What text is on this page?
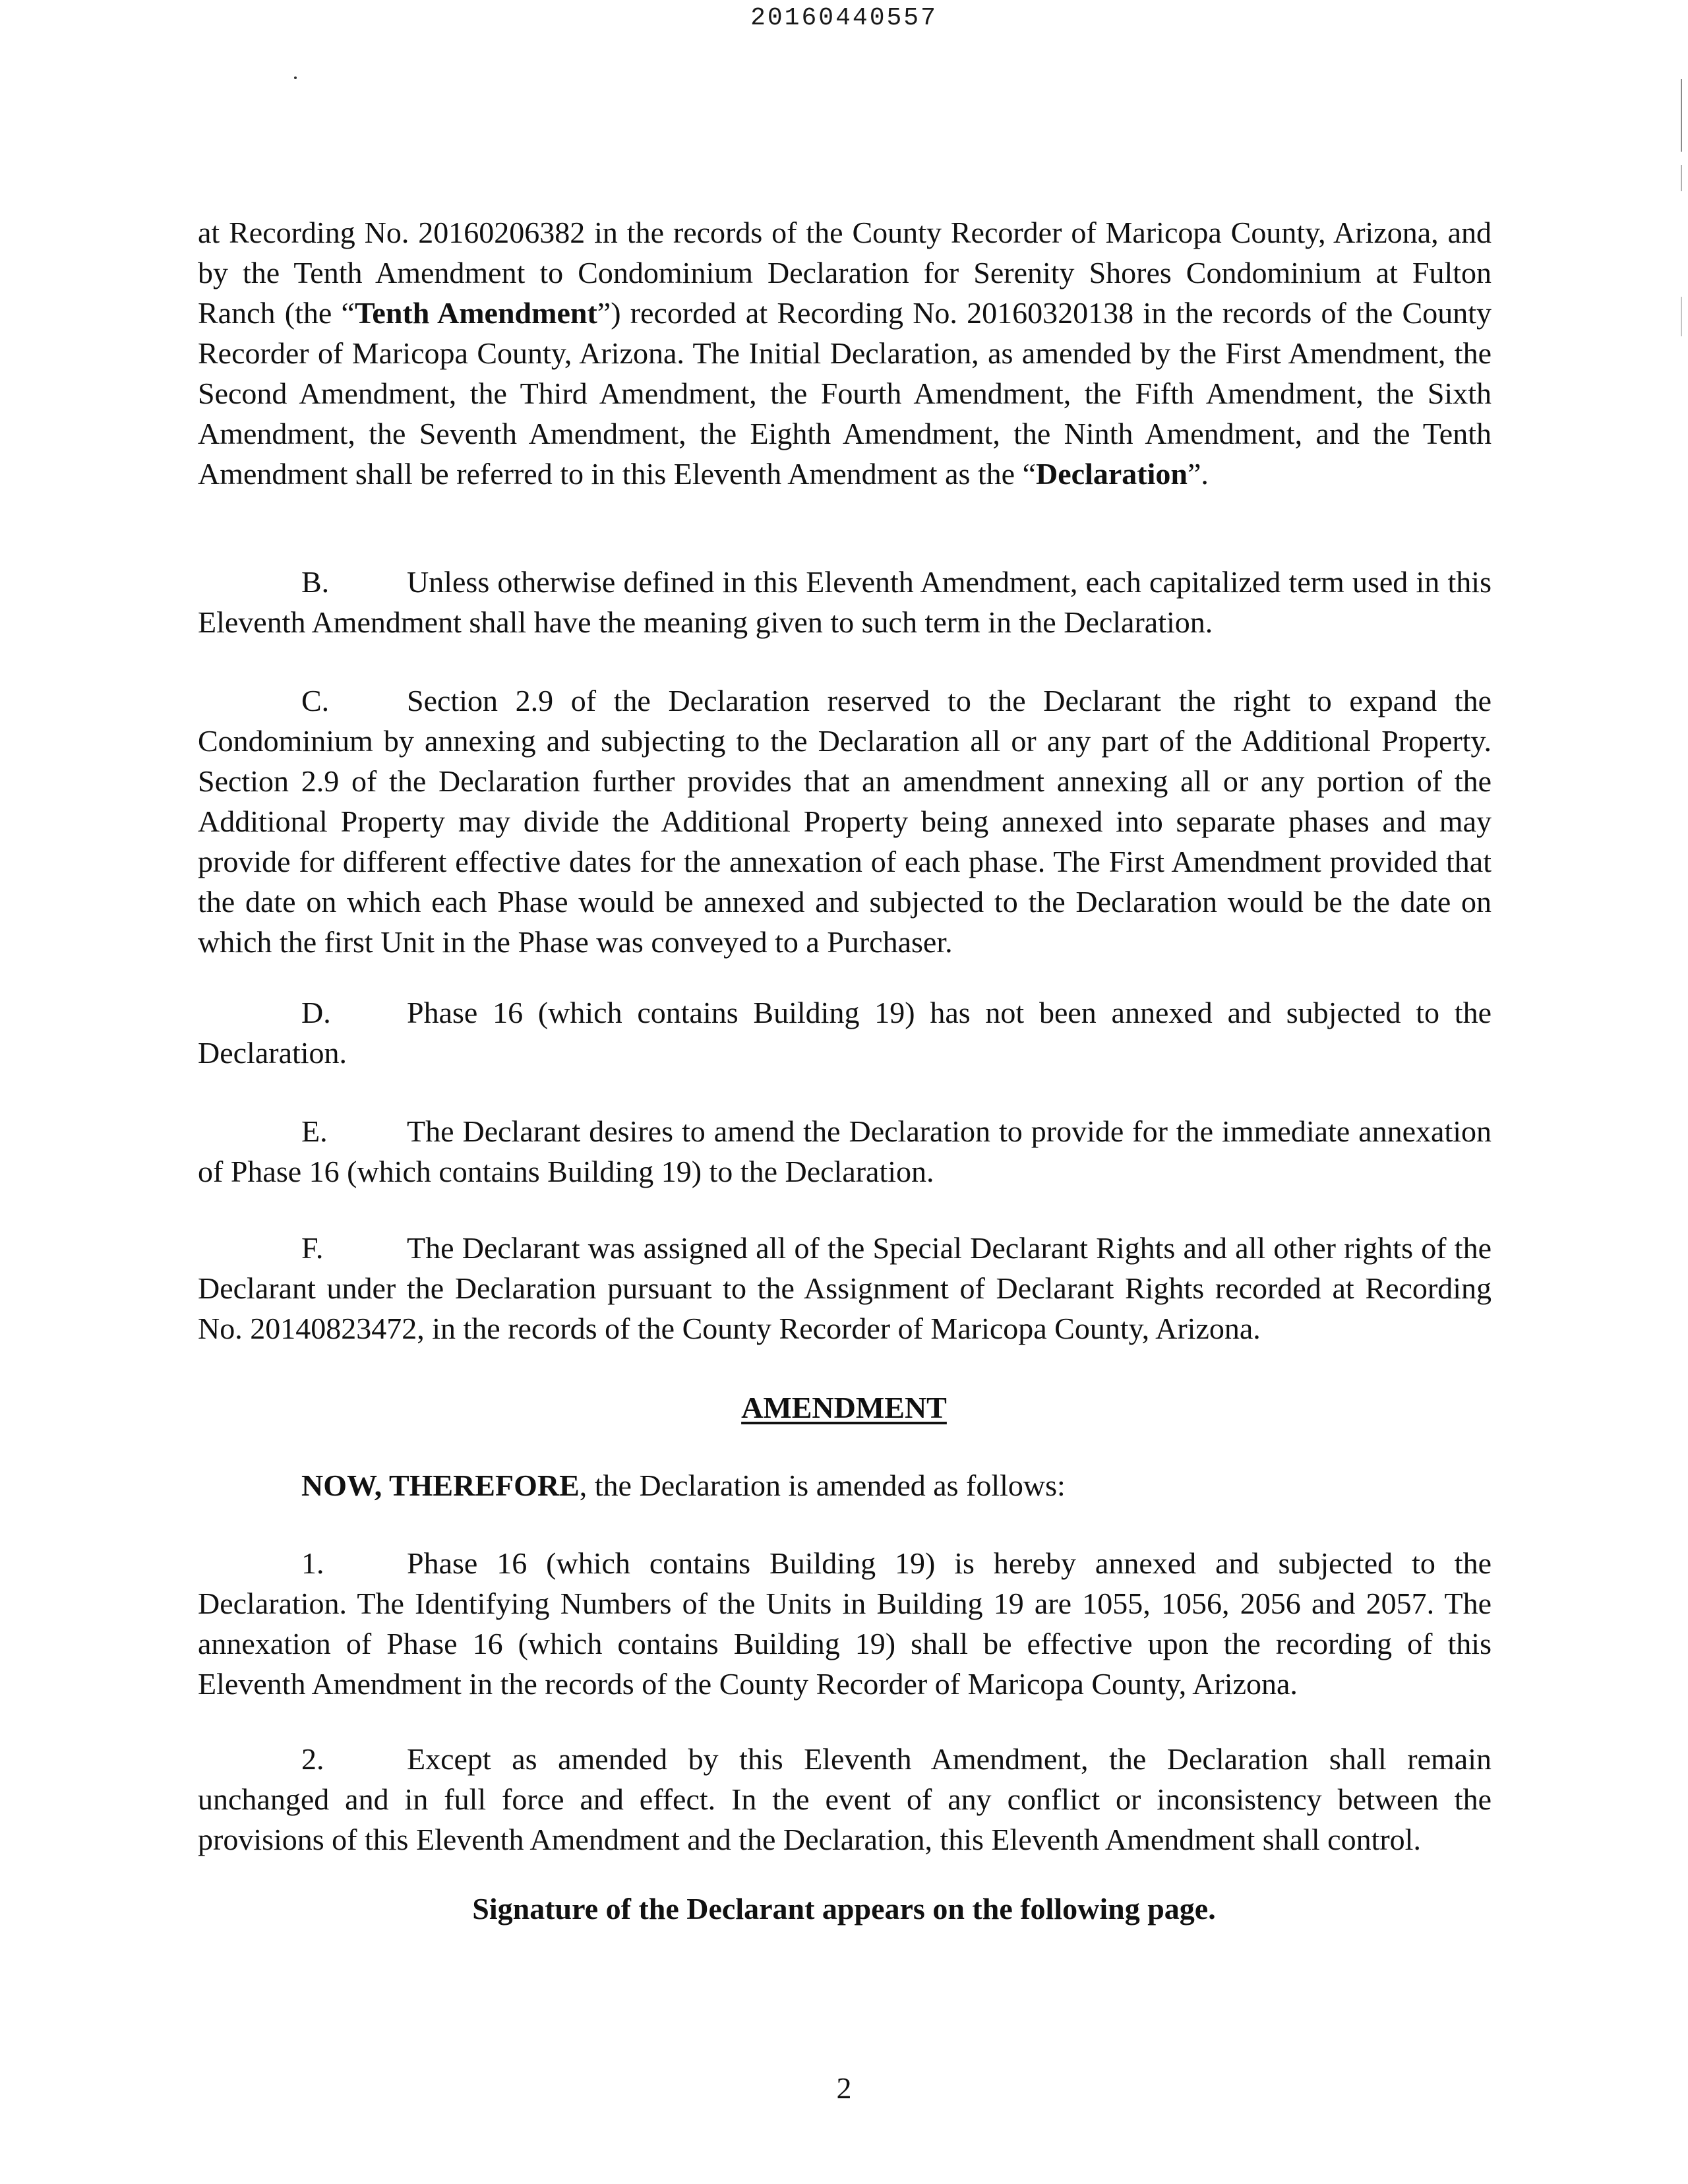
20160440557

at Recording No. 20160206382 in the records of the County Recorder of Maricopa County, Arizona, and by the Tenth Amendment to Condominium Declaration for Serenity Shores Condominium at Fulton Ranch (the “Tenth Amendment”) recorded at Recording No. 20160320138 in the records of the County Recorder of Maricopa County, Arizona. The Initial Declaration, as amended by the First Amendment, the Second Amendment, the Third Amendment, the Fourth Amendment, the Fifth Amendment, the Sixth Amendment, the Seventh Amendment, the Eighth Amendment, the Ninth Amendment, and the Tenth Amendment shall be referred to in this Eleventh Amendment as the “Declaration”.

B.	Unless otherwise defined in this Eleventh Amendment, each capitalized term used in this Eleventh Amendment shall have the meaning given to such term in the Declaration.

C.	Section 2.9 of the Declaration reserved to the Declarant the right to expand the Condominium by annexing and subjecting to the Declaration all or any part of the Additional Property. Section 2.9 of the Declaration further provides that an amendment annexing all or any portion of the Additional Property may divide the Additional Property being annexed into separate phases and may provide for different effective dates for the annexation of each phase. The First Amendment provided that the date on which each Phase would be annexed and subjected to the Declaration would be the date on which the first Unit in the Phase was conveyed to a Purchaser.

D.	Phase 16 (which contains Building 19) has not been annexed and subjected to the Declaration.

E.	The Declarant desires to amend the Declaration to provide for the immediate annexation of Phase 16 (which contains Building 19) to the Declaration.

F.	The Declarant was assigned all of the Special Declarant Rights and all other rights of the Declarant under the Declaration pursuant to the Assignment of Declarant Rights recorded at Recording No. 20140823472, in the records of the County Recorder of Maricopa County, Arizona.

AMENDMENT
NOW, THEREFORE, the Declaration is amended as follows:

1.	Phase 16 (which contains Building 19) is hereby annexed and subjected to the Declaration. The Identifying Numbers of the Units in Building 19 are 1055, 1056, 2056 and 2057. The annexation of Phase 16 (which contains Building 19) shall be effective upon the recording of this Eleventh Amendment in the records of the County Recorder of Maricopa County, Arizona.

2.	Except as amended by this Eleventh Amendment, the Declaration shall remain unchanged and in full force and effect. In the event of any conflict or inconsistency between the provisions of this Eleventh Amendment and the Declaration, this Eleventh Amendment shall control.

Signature of the Declarant appears on the following page.
2
